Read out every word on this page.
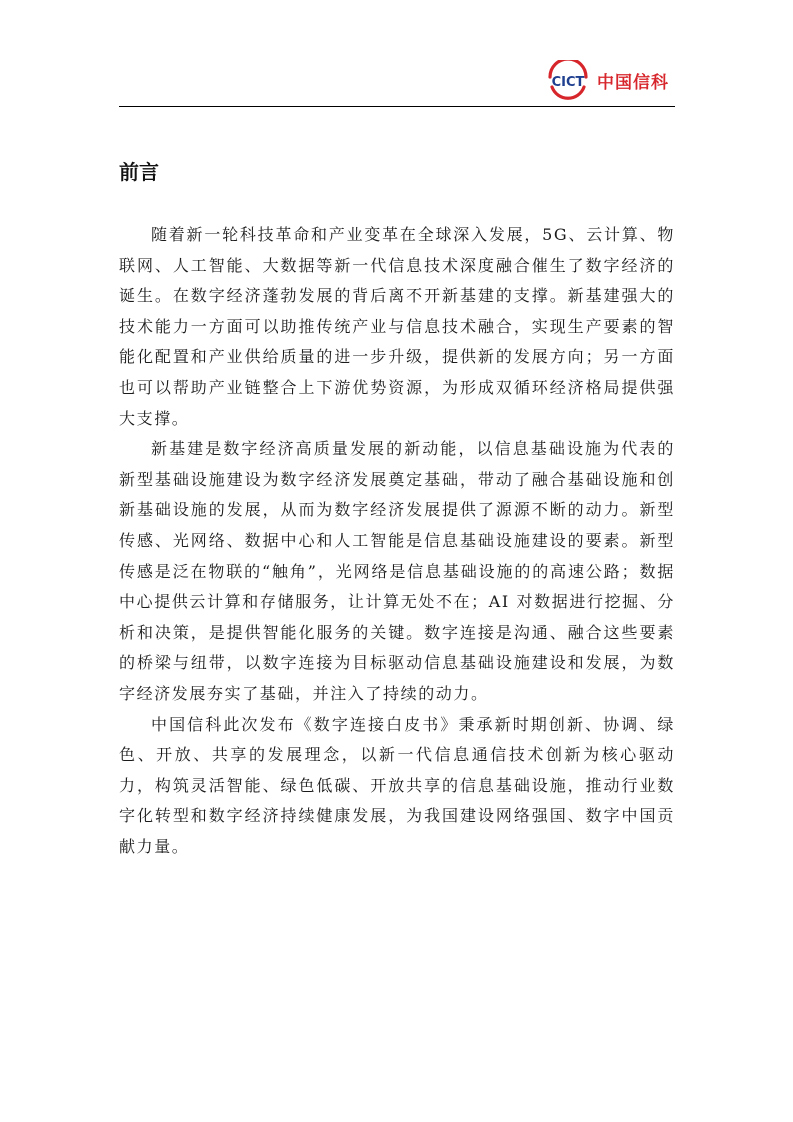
CICT 中国信科
前言

随着新一轮科技革命和产业变革在全球深入发展，5G、云计算、物联网、人工智能、大数据等新一代信息技术深度融合催生了数字经济的诞生。在数字经济蓬勃发展的背后离不开新基建的支撑。新基建强大的技术能力一方面可以助推传统产业与信息技术融合，实现生产要素的智能化配置和产业供给质量的进一步升级，提供新的发展方向；另一方面也可以帮助产业链整合上下游优势资源，为形成双循环经济格局提供强大支撑。

新基建是数字经济高质量发展的新动能，以信息基础设施为代表的新型基础设施建设为数字经济发展奠定基础，带动了融合基础设施和创新基础设施的发展，从而为数字经济发展提供了源源不断的动力。新型传感、光网络、数据中心和人工智能是信息基础设施建设的要素。新型传感是泛在物联的“触角”，光网络是信息基础设施的的高速公路；数据中心提供云计算和存储服务，让计算无处不在；AI 对数据进行挖掘、分析和决策，是提供智能化服务的关键。数字连接是沟通、融合这些要素的桥梁与纽带，以数字连接为目标驱动信息基础设施建设和发展，为数字经济发展夯实了基础，并注入了持续的动力。

中国信科此次发布《数字连接白皮书》秉承新时期创新、协调、绿色、开放、共享的发展理念，以新一代信息通信技术创新为核心驱动力，构筑灵活智能、绿色低碳、开放共享的信息基础设施，推动行业数字化转型和数字经济持续健康发展，为我国建设网络强国、数字中国贡献力量。
